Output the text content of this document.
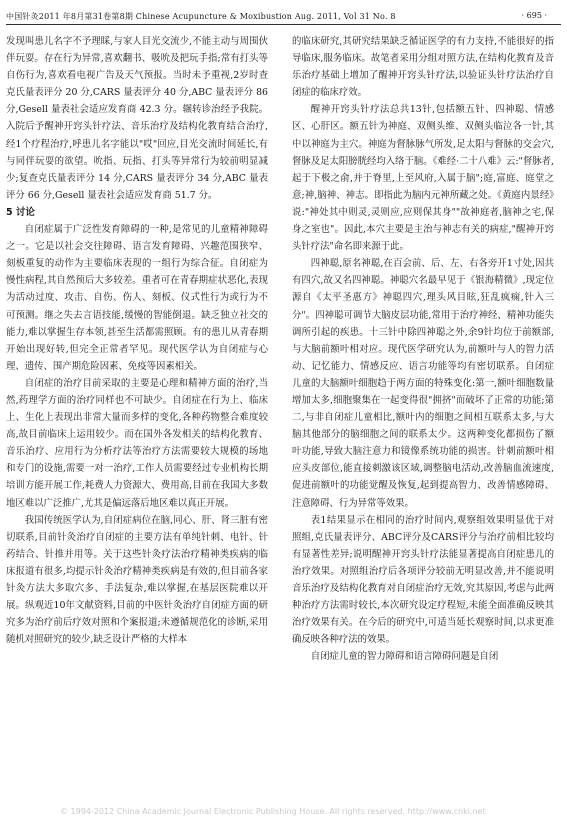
中国针灸2011 年8月第31卷第8期 Chinese Acupuncture & Moxibustion Aug. 2011, Vol 31 No. 8	· 695 ·

发现叫患儿名字不予理睬,与家人目光交流少,不能主动与周围伙伴玩耍。存在行为异常,喜欢翻书、吸吮及把玩手指;常有打头等自伤行为,喜欢看电视广告及天气预报。当时未予重视,2岁时查克氏量表评分 20 分,CARS 量表评分 40 分,ABC 量表评分 86 分,Gesell 量表社会适应发育商 42.3 分。辗转诊治经予我院。入院后予醒神开窍头针疗法、音乐治疗及结构化教育结合治疗,经1个疗程治疗,呼患儿名字能以"哎"回应,目光交流时间延长,有与同伴玩耍的欲望。吮指、玩指、打头等异常行为较前明显减少;复查克氏量表评分 14 分,CARS 量表评分 34 分,ABC 量表评分 66 分,Gesell 量表社会适应发育商 51.7 分。

5 讨论

自闭症属于广泛性发育障碍的一种,是常见的儿童精神障碍之一。它是以社会交往障碍、语言发育障碍、兴趣范围狭窄、刻板重复的动作为主要临床表现的一组行为综合征。自闭症为慢性病程,其自然预后大多较差。重者可在青春期症状恶化,表现为活动过度、攻击、自伤、伤人、刻板、仪式性行为或行为不可预测。继之失去言语技能,缓慢的智能倒退。缺乏独立社交的能力,难以掌握生存本领,甚至生活都需照顾。有的患儿从青春期开始出现好转,但完全正常者罕见。现代医学认为自闭症与心理、遗传、围产期危险因素、免疫等因素相关。

自闭症的治疗目前采取的主要是心理和精神方面的治疗,当然,药理学方面的治疗同样也不可缺少。自闭症在行为上、临床上、生化上表现出非常大量而多样的变化,各种药物整合难度较高,故目前临床上运用较少。而在国外各发相关的结构化教育、音乐治疗、应用行为分析疗法等治疗方法需要较大规模的场地和专门的设施,需要一对一治疗,工作人员需要经过专业机构长期培训方能开展工作,耗费人力资源大、费用高,目前在我国大多数地区难以广泛推广,尤其是偏远落后地区难以真正开展。

我国传统医学认为,自闭症病位在脑,同心、肝、肾三脏有密切联系,目前针灸治疗自闭症的主要方法有单纯针刺、电针、针药结合、针推并用等。关于这些针灸疗法治疗精神类疾病的临床报道有很多,均提示针灸治疗精神类疾病是有效的,但目前各家针灸方法大多取穴多、手法复杂,难以掌握,在基层医院难以开展。纵观近10年文献资料,目前的中医针灸治疗自闭症方面的研究多为治疗前后疗效对照和个案报道;未遵循规范化的诊断,采用随机对照研究的较少,缺乏设计严格的大样本

的临床研究,其研究结果缺乏循证医学的有力支持,不能很好的指导临床,服务临床。故笔者采用分组对照方法,在结构化教育及音乐治疗基础上增加了醒神开窍头针疗法,以验证头针疗法治疗自闭症的临床疗效。

醒神开窍头针疗法总共13针,包括额五针、四神聪、情感区、心肝区。额五针为神庭、双侧头维、双侧头临泣各一针,其中以神庭为主穴。神庭为督脉脉气所发,足太阳与督脉的交会穴,督脉及足太阳膀胱经均入络于脑。《难经·二十八难》云:"督脉者,起于下极之俞,并于脊里,上至风府,入属于脑";庭,富庭、庭堂之意;神,脑神、神志。即指此为脑内元神所藏之处。《黄庭内景经》说:"神处其中则灵,灵则应,应则保其身""故神庭者,脑神之宅,保身之室也"。因此,本穴主要是主治与神志有关的病症,"醒神开窍头针疗法"命名即来源于此。

四神聪,原名神聪,在百会前、后、左、右各旁开1寸处,因共有四穴,故又名四神聪。神聪穴名最早见于《银海精微》,现定位源自《太平圣惠方》神聪四穴,理头风目眩,狂乱疯痫,针入三分"。四神聪可调节大脑皮层功能,常用于治疗神经、精神功能失调所引起的疾患。十三针中除四神聪之外,余9针均位于前额部,与大脑前额叶相对应。现代医学研究认为,前额叶与人的智力活动、记忆能力、情感反应、语言功能等均有密切联系。自闭症儿童的大脑额叶细胞趋于两方面的特殊变化:第一,额叶细胞数量增加太多,细胞聚集在一起变得很"拥挤"而破坏了正常的功能;第二,与非自闭症儿童相比,额叶内的细胞之间相互联系太多,与大脑其他部分的脑细胞之间的联系太少。这两种变化都损伤了额叶功能,导致大脑注意力和镜像系统功能的损害。针刺前额叶相应头皮部位,能直接刺激该区域,调整脑电活动,改善脑血流速度,促进前额叶的功能觉醒及恢复,起到提高智力、改善情感障碍、注意障碍、行为异常等效果。

表1结果显示在相同的治疗时间内,观察组效果明显优于对照组,克氏量表评分、ABC评分及CARS评分与治疗前相比较均有显著性差异;说明醒神开窍头针疗法能显著提高自闭症患儿的治疗效果。对照组治疗后各项评分较前无明显改善,并不能说明音乐治疗及结构化教育对自闭症治疗无效,究其原因,考虑与此两种治疗方法需时较长,本次研究设定疗程短,未能全面准确反映其治疗效果有关。在今后的研究中,可适当延长观察时间,以求更准确反映各种疗法的效果。

自闭症儿童的智力障碍和语言障碍问题是自闭

© 1994-2012 China Academic Journal Electronic Publishing House. All rights reserved. http://www.cnki.net
